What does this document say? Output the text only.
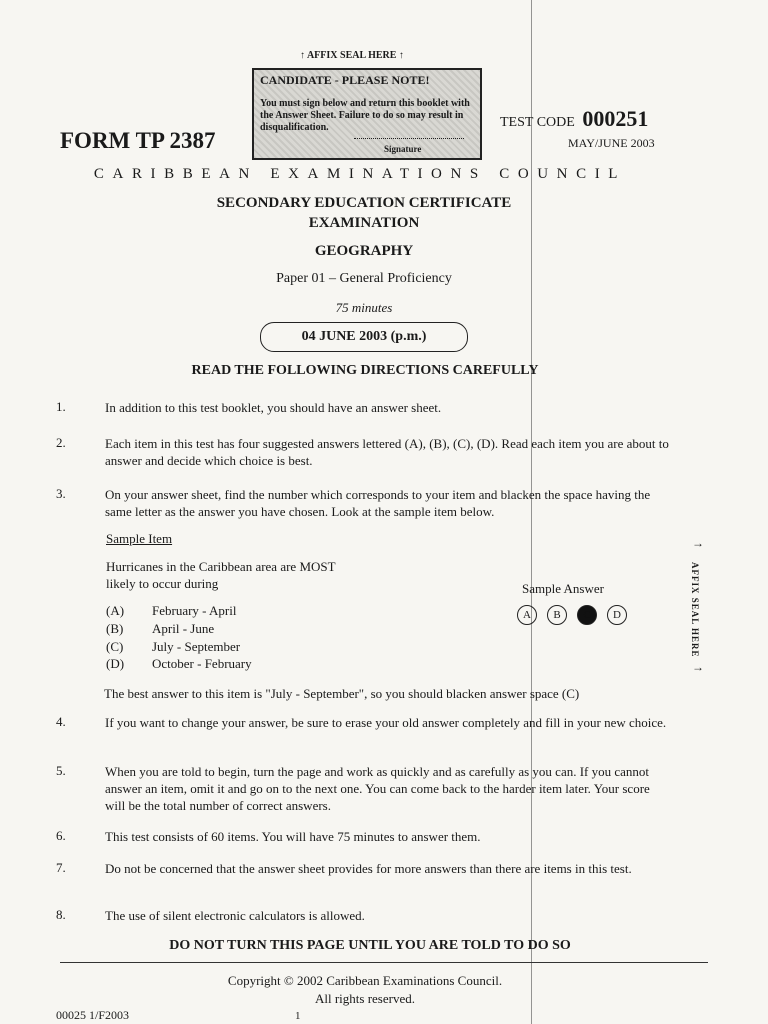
↑ AFFIX SEAL HERE ↑
CANDIDATE - PLEASE NOTE!
You must sign below and return this booklet with
the Answer Sheet. Failure to do so may result in
disqualification.
Signature
TEST CODE 000251
FORM TP 2387	MAY/JUNE 2003
CARIBBEAN EXAMINATIONS COUNCIL
SECONDARY EDUCATION CERTIFICATE
EXAMINATION
GEOGRAPHY
Paper 01 – General Proficiency
75 minutes
04 JUNE 2003 (p.m.)
READ THE FOLLOWING DIRECTIONS CAREFULLY
1.	In addition to this test booklet, you should have an answer sheet.
2.	Each item in this test has four suggested answers lettered (A), (B), (C), (D). Read each item you are about to answer and decide which choice is best.
3.	On your answer sheet, find the number which corresponds to your item and blacken the space having the same letter as the answer you have chosen. Look at the sample item below.
Sample Item
Hurricanes in the Caribbean area are MOST
likely to occur during
(A) February - April
(B) April - June
(C) July - September
(D) October - February
Sample Answer
A B C D
The best answer to this item is "July - September", so you should blacken answer space (C)
4.	If you want to change your answer, be sure to erase your old answer completely and fill in your new choice.
5.	When you are told to begin, turn the page and work as quickly and as carefully as you can. If you cannot answer an item, omit it and go on to the next one. You can come back to the harder item later. Your score will be the total number of correct answers.
6.	This test consists of 60 items. You will have 75 minutes to answer them.
7.	Do not be concerned that the answer sheet provides for more answers than there are items in this test.
8.	The use of silent electronic calculators is allowed.
→
AFFIX SEAL HERE
→
DO NOT TURN THIS PAGE UNTIL YOU ARE TOLD TO DO SO
Copyright © 2002 Caribbean Examinations Council.
All rights reserved.
00025 1/F2003	1
